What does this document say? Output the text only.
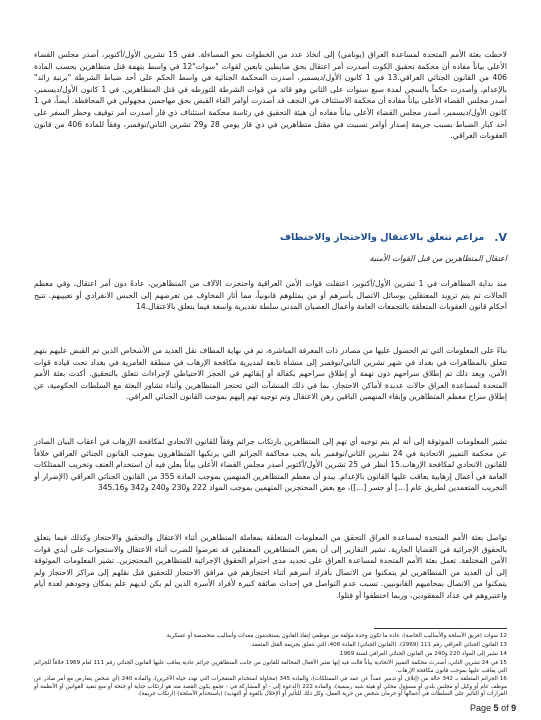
لاحظت بعثة الأمم المتحدة لمساعدة العراق (يونامي) إلى اتخاذ عدد من الخطوات نحو المساءلة. ففي 15 تشرين الأول/أكتوبر، أصدر مجلس القضاء الأعلى بياناً مفاده أن محكمة تحقيق الكوت أصدرت أمر اعتقال بحق ضابطين تابعين لقوات "سوات"12 في واسط بتهمة قتل متظاهرين بحسب المادة 406 من القانون الجنائي العراقي.13 في 1 كانون الأول/ديسمبر، أصدرت المحكمة الجنائية في واسط الحكم على أحد ضباط الشرطة "برتبة رائد" بالإعدام، وأصدرت حكماً بالسجن لمدة سبع سنوات على الثاني وهو قائد من قوات الشرطة للتورطه في قتل المتظاهرين. في 1 كانون الأول/ديسمبر، أصدر مجلس القضاء الأعلى بياناً مفاده أن محكمة الاستئناف في النجف قد أصدرت أوامر القاء القبض بحق مهاجمين مجهولين في المحافظة. أيضاً، في 1 كانون الأول/ديسمبر، أصدر مجلس القضاء الأعلى بياناً مفاده أن هيئة التحقيق في رئاسة محكمة استئناف ذي قار أصدرت أمر توقيف وحظر السفر على أحد كبار الضباط بسبب جريمة إصدار أوامر تسببت في مقتل متظاهرين في ذي قار يومي 28 و29 تشرين الثاني/نوفمبر، وفقاً للمادة 406 من قانون العقوبات العراقي.

V.
مزاعم تتعلق بالاعتقال والاحتجاز والاختطاف
اعتقال المتظاهرين من قبل القوات الأمنية

منذ بداية المظاهرات في 1 تشرين الأول/أكتوبر، اعتقلت قوات الأمن العراقية واحتجزت الآلاف من المتظاهرين، عادةً دون أمر اعتقال، وفي معظم الحالات تم يتم تزويد المعتقلين بوسائل الاتصال بأسرهم أو من يمثلوهم قانونياً، مما أثار المخاوف من تعرضهم إلى الحبس الانفرادي أو تعييبهم. تتيح أحكام قانون العقوبات المتعلقة بالتجمعات العامة وأعمال العصيان المدني سلطة تقديرية واسعة فيما يتعلق بالاعتقال.14

بناءً على المعلومات التي تم الحصول عليها من مصادر ذات المعرفة المباشرة، تم في نهاية المطاف نقل العديد من الأشخاص الذين تم القبض عليهم بتهم تتعلق بالمظاهرات في بغداد في شهر تشرين الثاني/نوفمبر إلى منشأة تابعة لمديرية مكافحة الإرهاب في منطقة العامرية في بغداد تحت قيادة قوات الأمن، وبعد ذلك تم إطلاق سراحهم دون تهمة أو إطلاق سراحهم بكفالة أو إبقائهم في الحجز الاحتياطي لإجراءات تتعلق بالتحقيق. أكدت بعثة الأمم المتحدة لمساعدة العراق حالات عديدة لأماكن الاحتجاز، بما في ذلك المنشآت التي تحتجز المتظاهرين وأثناء تشاور البعثة مع السلطات الحكومية، عن إطلاق سراح معظم المتظاهرين وإبقاء المتهمين الباقين رهن الاعتقال وتم توجيه تهم إليهم بموجب القانون الجنائي العراقي.

تشير المعلومات الموثوقة إلى أنه لم يتم توجيه أي تهم إلى المتظاهرين بارتكاب جرائم وفقاً للقانون الاتحادي لمكافحة الإرهاب في أعقاب البيان الصادر عن محكمة التمييز الاتحادية في 24 تشرين الثاني/نوفمبر بأنه يجب محاكمة الجرائم التي يرتكبها المتظاهرون بموجب القانون الجنائي العراقي خلافاً للقانون الاتحادي لمكافحة الإرهاب.15 أنظر في 25 تشرين الأول/أكتوبر أصدر مجلس القضاء الأعلى بياناً يعلن فيه أن استخدام العنف وتخريب الممتلكات العامة في أعمال إرهابية يعاقب عليها القانون بالإعدام. يبدو أن معظم المتظاهرين المتهمين بموجب المادة 355 من القانون الجنائي العراقي (الإضرار أو التخريب المتعمدين لطريق عام [...] أو جسر [...])، مع بعض المحتجزين المتهمين بموجب المواد 222 و230 و240 و342 و345.16

تواصل بعثة الأمم المتحدة لمساعدة العراق التحقق من المعلومات المتعلقة بمعاملة المتظاهرين أثناء الاعتقال والتحقيق والاحتجاز وكذلك فيما يتعلق بالحقوق الإجرائية في القضايا الجارية. تشير التقارير إلى أن بعض المتظاهرين المعتقلين قد تعرضوا للضرب أثناء الاعتقال والاستجواب على أيدي قوات الأمن المختلفة. تعمل بعثة الأمم المتحدة لمساعدة العراق على تحديد مدى احترام الحقوق الإجرائية للمتظاهرين المحتجزين. تشير المعلومات الموثوقة إلى أن العديد من المتظاهرين لم يتمكنوا من الاتصال بأفراد أسرهم أثناء احتجازهم في مرافق الاحتجاز للتحقيق قبل نقلهم إلى مراكز الاحتجاز ولم يتمكنوا من الاتصال بمحاميهم القانونيين. تسبب عدم التواصل في إحداث ضائقة كبيرة لأفراد الأسرة الذين لم يكن لديهم علم بمكان وجودهم لعدة أيام واعتبروهم في عداد المفقودين، وربما اختطفوا أو قتلوا.

12 سوات (فريق الأسلحة والأساليب الخاصة)، عادة ما تكون وحدة مؤلفة من موظفي إنفاذ القانون يستخدمون معدات وأساليب متخصصة أو عسكرية.

13 القانون الجنائي العراقي رقم 111 (1969). (القانون الجنائي) المادة 406، التي تتعلق بجريمة القتل المتعمد.

14 تشير إلى المواد 220 و240 من القانون الجنائي العراقي لسنة 1969.

15 في 24 تشرين الثاني، أصدرت محكمة التمييز الاتحادية بياناً قالت فيه إنها تعتبر الأفعال المخالفة للقانون من جانب المتظاهرين جرائم عادية يعاقب عليها القانون الجنائي رقم 111 لعام 1969 خلافاً للجرائم التي يعاقب عليها بموجب قانون مكافحة الإرهاب.

16 الجرائم المتعلقة بـ 342 حالة من (إتلاف أو تدمير عمداً عن عمد في الممتلكات)، والمادة 345 (محاولة استخدام المتفجرات التي تهدد حياة الآخرين)، والمادة 240 (أي شخص يتعارض مع أمر صادر عن موظف عام أو وكيل أو مجلس بلدي أو مسؤول محلي أو هيئة شبه رسمية)، والمادة 222 (الدعوة إلى - أو المشاركة في - تجمع يكون القصد منه هو ارتكاب جناية أو جنحة أو منع تنفيذ القوانين أو الأنظمة أو القرارات أو التأثير على السلطات في أعمالها أو حرمان شخص من حرية العمل، وكل ذلك للتأثير أو الإخلال بالقوة أو التهديد) (باستخدام الأسلحة) (ارتكاب جريمة).

Page 5 of 9
